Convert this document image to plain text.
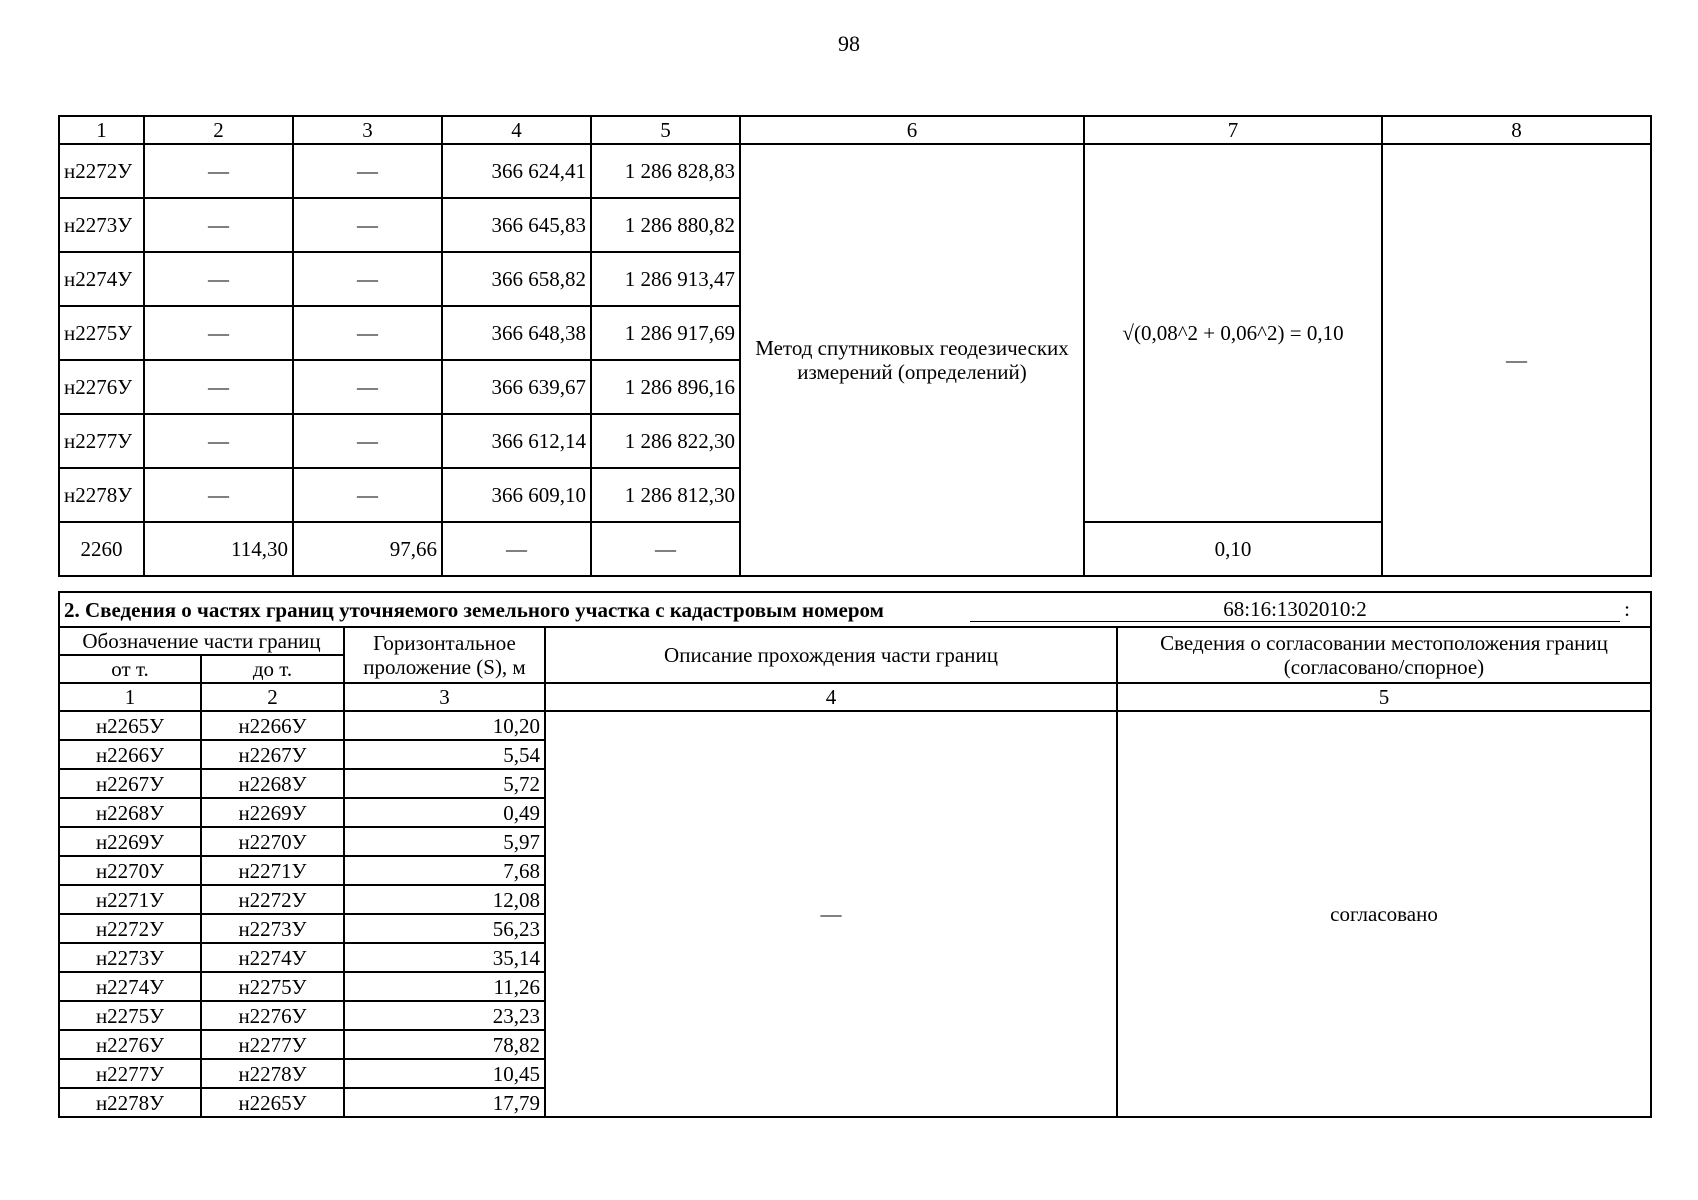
98
1	2	3	4	5	6	7	8
н2272У	—	—	366 624,41	1 286 828,83	Метод спутниковых геодезических измерений (определений)	√(0,08^2 + 0,06^2) = 0,10	—
н2273У	—	—	366 645,83	1 286 880,82			
н2274У	—	—	366 658,82	1 286 913,47			
н2275У	—	—	366 648,38	1 286 917,69			
н2276У	—	—	366 639,67	1 286 896,16			
н2277У	—	—	366 612,14	1 286 822,30			
н2278У	—	—	366 609,10	1 286 812,30			
2260	114,30	97,66	—	—		0,10	
2. Сведения о частях границ уточняемого земельного участка с кадастровым номером 68:16:1302010:2 :				

Обозначение части границ		Горизонтальное проложение (S), м	Описание прохождения части границ	Сведения о согласовании местоположения границ (согласовано/спорное)
от т.	до т.			
1	2	3	4	5
н2265У	н2266У	10,20	—	согласовано
н2266У	н2267У	5,54		
н2267У	н2268У	5,72		
н2268У	н2269У	0,49		
н2269У	н2270У	5,97		
н2270У	н2271У	7,68		
н2271У	н2272У	12,08		
н2272У	н2273У	56,23		
н2273У	н2274У	35,14		
н2274У	н2275У	11,26		
н2275У	н2276У	23,23		
н2276У	н2277У	78,82		
н2277У	н2278У	10,45		
н2278У	н2265У	17,79		
